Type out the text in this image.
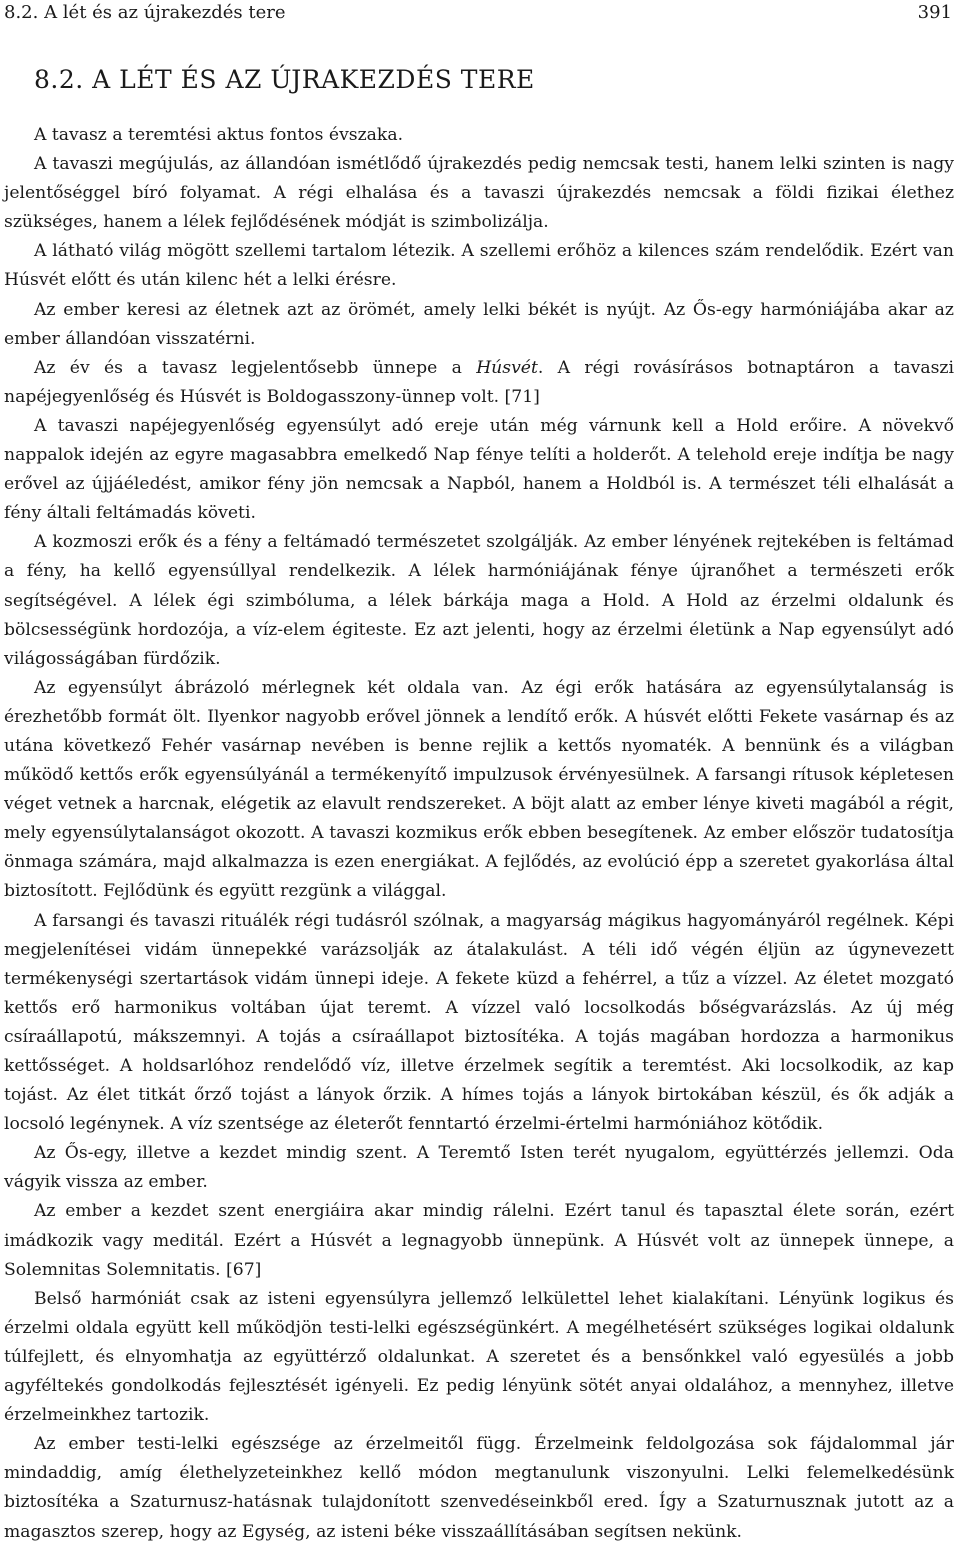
8.2. A lét és az újrakezdés tere	391
8.2. A LÉT ÉS AZ ÚJRAKEZDÉS TERE

A tavasz a teremtési aktus fontos évszaka.

A tavaszi megújulás, az állandóan ismétlődő újrakezdés pedig nemcsak testi, hanem lelki szinten is nagy jelentőséggel bíró folyamat. A régi elhalása és a tavaszi újrakezdés nemcsak a földi fizikai élethez szükséges, hanem a lélek fejlődésének módját is szimbolizálja.

A látható világ mögött szellemi tartalom létezik. A szellemi erőhöz a kilences szám rendelődik. Ezért van Húsvét előtt és után kilenc hét a lelki érésre.

Az ember keresi az életnek azt az örömét, amely lelki békét is nyújt. Az Ős-egy harmóniájába akar az ember állandóan visszatérni.

Az év és a tavasz legjelentősebb ünnepe a Húsvét. A régi rovásírásos botnaptáron a tavaszi napéjegyenlőség és Húsvét is Boldogasszony-ünnep volt. [71]

A tavaszi napéjegyenlőség egyensúlyt adó ereje után még várnunk kell a Hold erőire. A növekvő nappalok idején az egyre magasabbra emelkedő Nap fénye telíti a holderőt. A telehold ereje indítja be nagy erővel az újjáéledést, amikor fény jön nemcsak a Napból, hanem a Holdból is. A természet téli elhalását a fény általi feltámadás követi.

A kozmoszi erők és a fény a feltámadó természetet szolgálják. Az ember lényének rejtekében is feltámad a fény, ha kellő egyensúllyal rendelkezik. A lélek harmóniájának fénye újranőhet a természeti erők segítségével. A lélek égi szimbóluma, a lélek bárkája maga a Hold. A Hold az érzelmi oldalunk és bölcsességünk hordozója, a víz-elem égiteste. Ez azt jelenti, hogy az érzelmi életünk a Nap egyensúlyt adó világosságában fürdőzik.

Az egyensúlyt ábrázoló mérlegnek két oldala van. Az égi erők hatására az egyensúlytalanság is érezhetőbb formát ölt. Ilyenkor nagyobb erővel jönnek a lendítő erők. A húsvét előtti Fekete vasárnap és az utána következő Fehér vasárnap nevében is benne rejlik a kettős nyomaték. A bennünk és a világban működő kettős erők egyensúlyánál a termékenyítő impulzusok érvényesülnek. A farsangi rítusok képletesen véget vetnek a harcnak, elégetik az elavult rendszereket. A böjt alatt az ember lénye kiveti magából a régit, mely egyensúlytalanságot okozott. A tavaszi kozmikus erők ebben besegítenek. Az ember először tudatosítja önmaga számára, majd alkalmazza is ezen energiákat. A fejlődés, az evolúció épp a szeretet gyakorlása által biztosított. Fejlődünk és együtt rezgünk a világgal.

A farsangi és tavaszi rituálék régi tudásról szólnak, a magyarság mágikus hagyományáról regélnek. Képi megjelenítései vidám ünnepekké varázsolják az átalakulást. A téli idő végén éljün az úgynevezett termékenységi szertartások vidám ünnepi ideje. A fekete küzd a fehérrel, a tűz a vízzel. Az életet mozgató kettős erő harmonikus voltában újat teremt. A vízzel való locsolkodás bőségvarázslás. Az új még csíraállapotú, mákszemnyi. A tojás a csíraállapot biztosítéka. A tojás magában hordozza a harmonikus kettősséget. A holdsarlóhoz rendelődő víz, illetve érzelmek segítik a teremtést. Aki locsolkodik, az kap tojást. Az élet titkát őrző tojást a lányok őrzik. A hímes tojás a lányok birtokában készül, és ők adják a locsoló legénynek. A víz szentsége az életerőt fenntartó érzelmi-értelmi harmóniához kötődik.

Az Ős-egy, illetve a kezdet mindig szent. A Teremtő Isten terét nyugalom, együttérzés jellemzi. Oda vágyik vissza az ember.

Az ember a kezdet szent energiáira akar mindig rálelni. Ezért tanul és tapasztal élete során, ezért imádkozik vagy meditál. Ezért a Húsvét a legnagyobb ünnepünk. A Húsvét volt az ünnepek ünnepe, a Solemnitas Solemnitatis. [67]

Belső harmóniát csak az isteni egyensúlyra jellemző lelkülettel lehet kialakítani. Lényünk logikus és érzelmi oldala együtt kell működjön testi-lelki egészségünkért. A megélhetésért szükséges logikai oldalunk túlfejlett, és elnyomhatja az együttérző oldalunkat. A szeretet és a bensőnkkel való egyesülés a jobb agyféltekés gondolkodás fejlesztését igényeli. Ez pedig lényünk sötét anyai oldalához, a mennyhez, illetve érzelmeinkhez tartozik.

Az ember testi-lelki egészsége az érzelmeitől függ. Érzelmeink feldolgozása sok fájdalommal jár mindaddig, amíg élethelyzeteinkhez kellő módon megtanulunk viszonyulni. Lelki felemelkedésünk biztosítéka a Szaturnusz-hatásnak tulajdonított szenvedéseinkből ered. Így a Szaturnusznak jutott az a magasztos szerep, hogy az Egység, az isteni béke visszaállításában segítsen nekünk.
